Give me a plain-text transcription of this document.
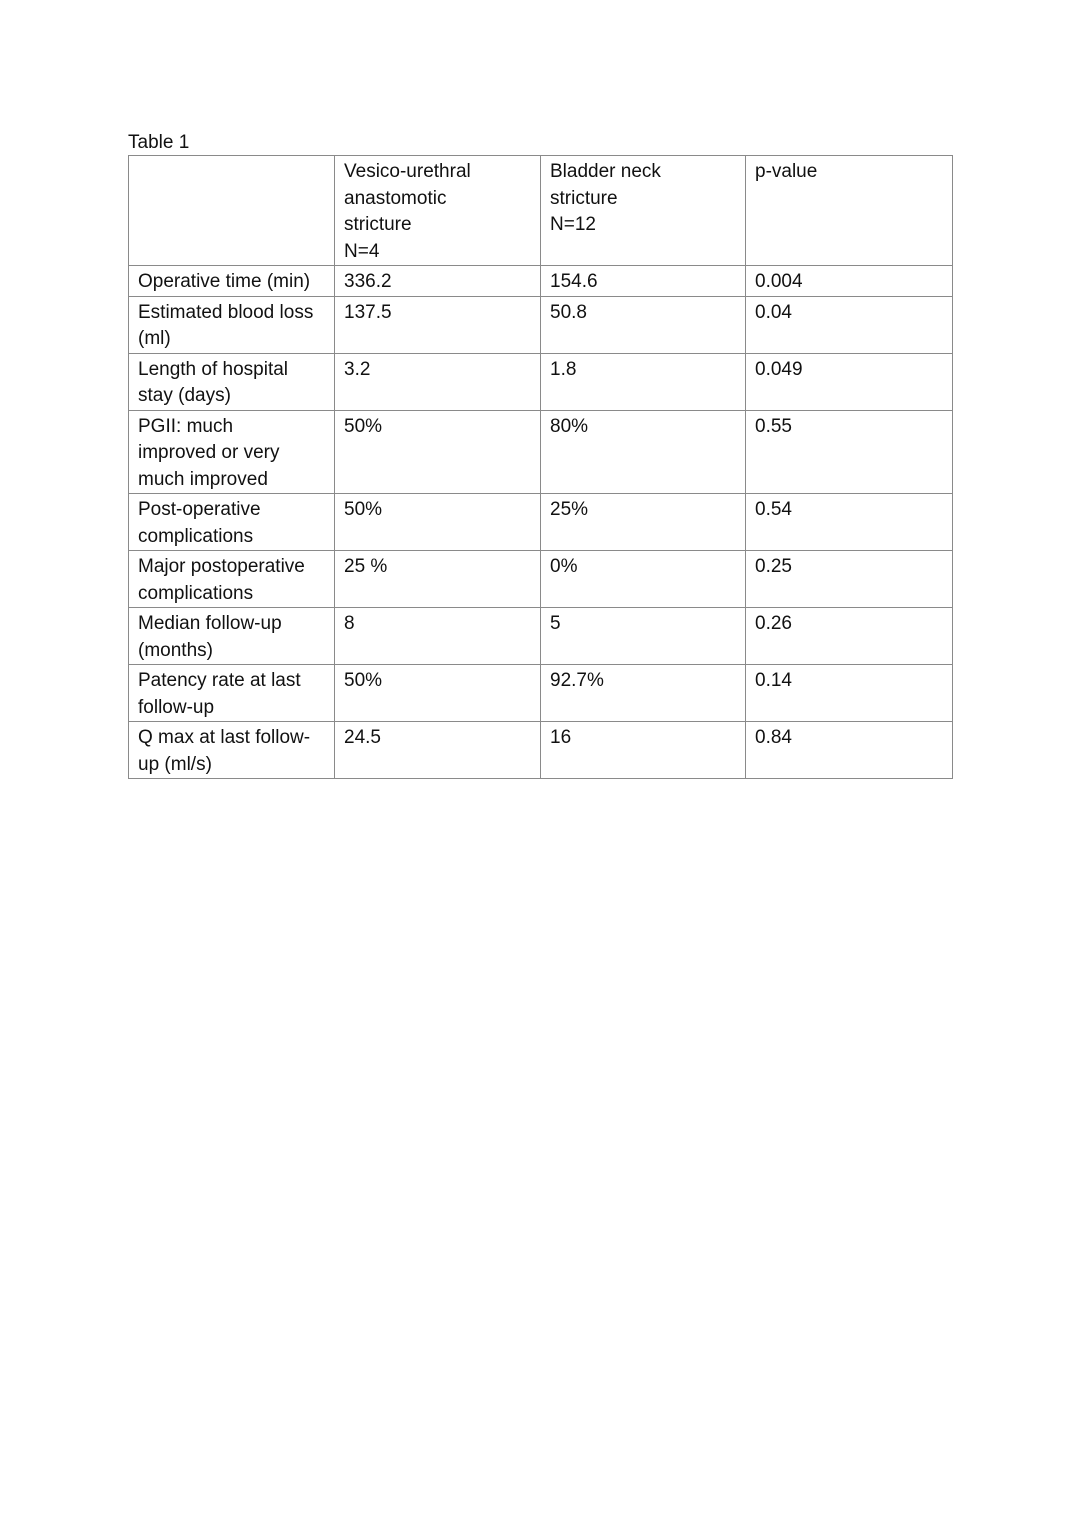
Table 1
	Vesico-urethral
anastomotic
stricture
N=4	Bladder neck
stricture
N=12	p-value
Operative time (min)	336.2	154.6	0.004
Estimated blood loss
(ml)	137.5	50.8	0.04
Length of hospital
stay (days)	3.2	1.8	0.049
PGII: much
improved or very
much improved	50%	80%	0.55
Post-operative
complications	50%	25%	0.54
Major postoperative
complications	25 %	0%	0.25
Median follow-up
(months)	8	5	0.26
Patency rate at last
follow-up	50%	92.7%	0.14
Q max at last follow-
up (ml/s)	24.5	16	0.84
